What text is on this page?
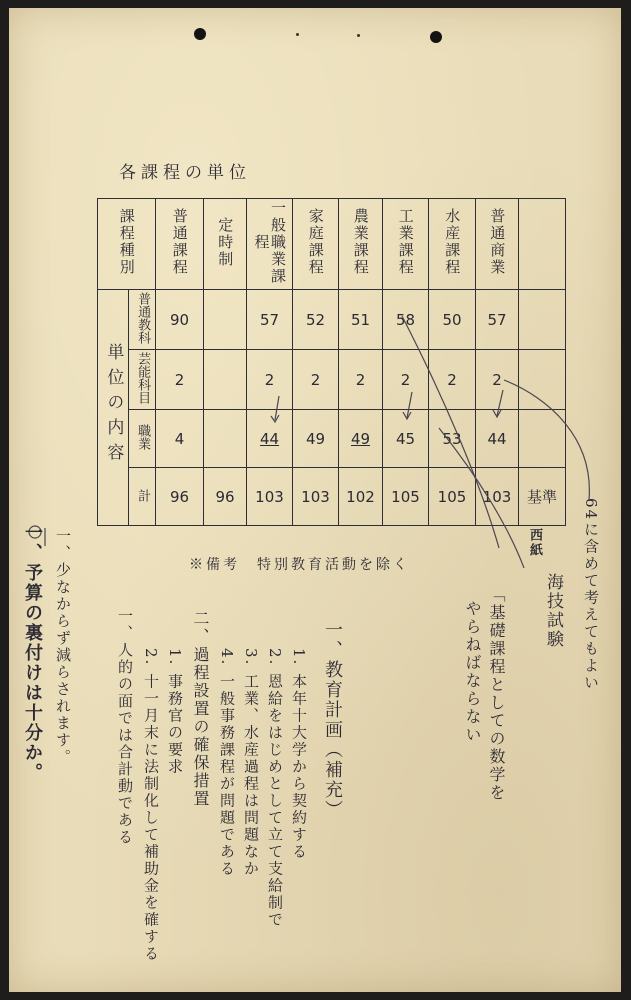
各課程の単位
課程種別		普通課程	定時制	一般職業課程	家庭課程	農業課程	工業課程	水産課程	普通商業	
単位の内容	普通教科	90		57	52	51	58	50	57	
	芸能科目	2		2	2	2	2	2	2	
	職業	4		44	49	49	45	53	44	
	計	96	96	103	103	102	105	105	103	基準
※備考　特別教育活動を除く	64に含めて考えてもよい
西紙
海技試験
「基礎課程としての数学を
やらねばならない
一、教育計画（補充）
1. 本年十大学から契約する
2. 恩給をはじめとして立て支給制で
3. 工業、水産過程は問題なか
4. 一般事務課程が問題である
二、過程設置の確保措置
1. 事務官の要求
2. 十一月末に法制化して補助金を確する
一、人的の面では合計動である
一、少なからず減らされます。
一、予算の裏付けは十分か。
